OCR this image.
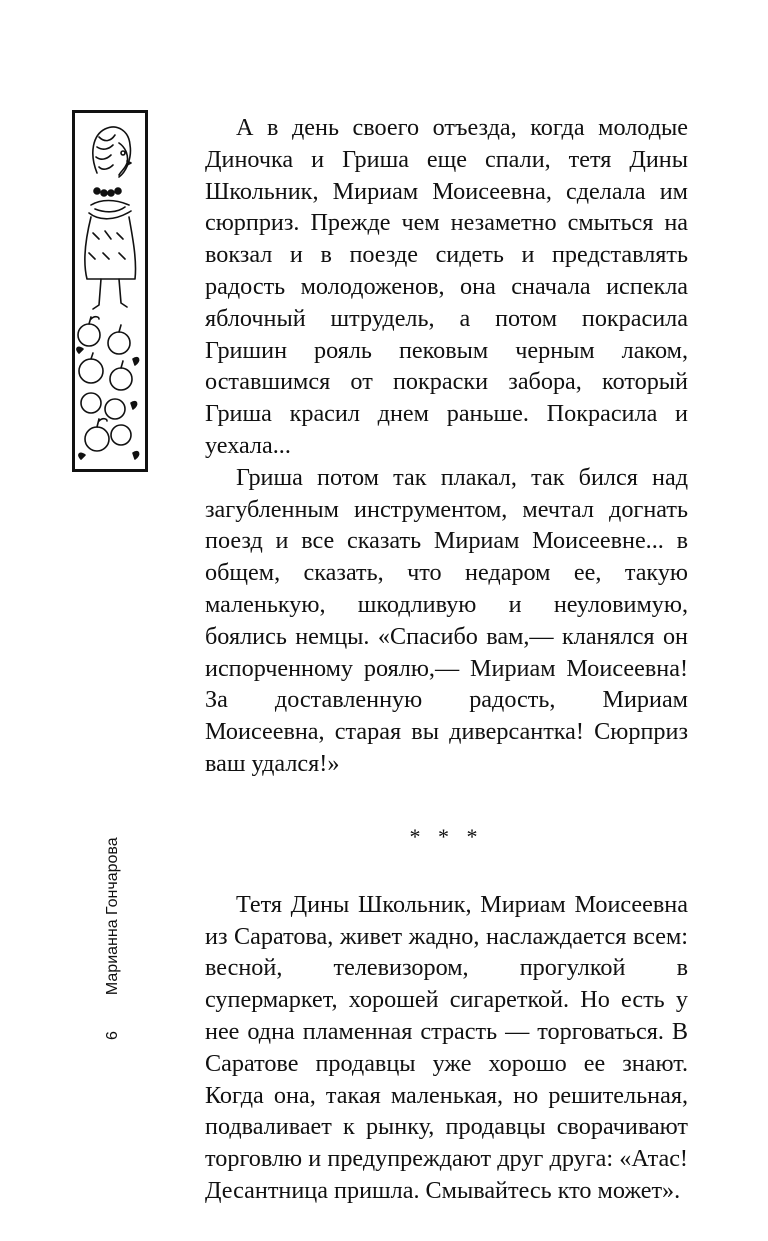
6
Марианна Гончарова

А в день своего отъезда, когда молодые Диночка и Гриша еще спали, тетя Дины Школьник, Мириам Моисеевна, сделала им сюрприз. Прежде чем незаметно смыться на вокзал и в поезде сидеть и представлять радость молодоженов, она сначала испекла яблочный штрудель, а потом покрасила Гришин рояль пековым черным лаком, оставшимся от покраски забора, который Гриша красил днем раньше. Покрасила и уехала...

Гриша потом так плакал, так бился над загубленным инструментом, мечтал догнать поезд и все сказать Мириам Моисеевне... в общем, сказать, что недаром ее, такую маленькую, шкодливую и неуловимую, боялись немцы. «Спасибо вам,— кланялся он испорченному роялю,— Мириам Моисеевна! За доставленную радость, Мириам Моисеевна, старая вы диверсантка! Сюрприз ваш удался!»

* * *

Тетя Дины Школьник, Мириам Моисеевна из Саратова, живет жадно, наслаждается всем: весной, телевизором, прогулкой в супермаркет, хорошей сигареткой. Но есть у нее одна пламенная страсть — торговаться. В Саратове продавцы уже хорошо ее знают. Когда она, такая маленькая, но решительная, подваливает к рынку, продавцы сворачивают торговлю и предупреждают друг друга: «Атас! Десантница пришла. Смывайтесь кто может».
